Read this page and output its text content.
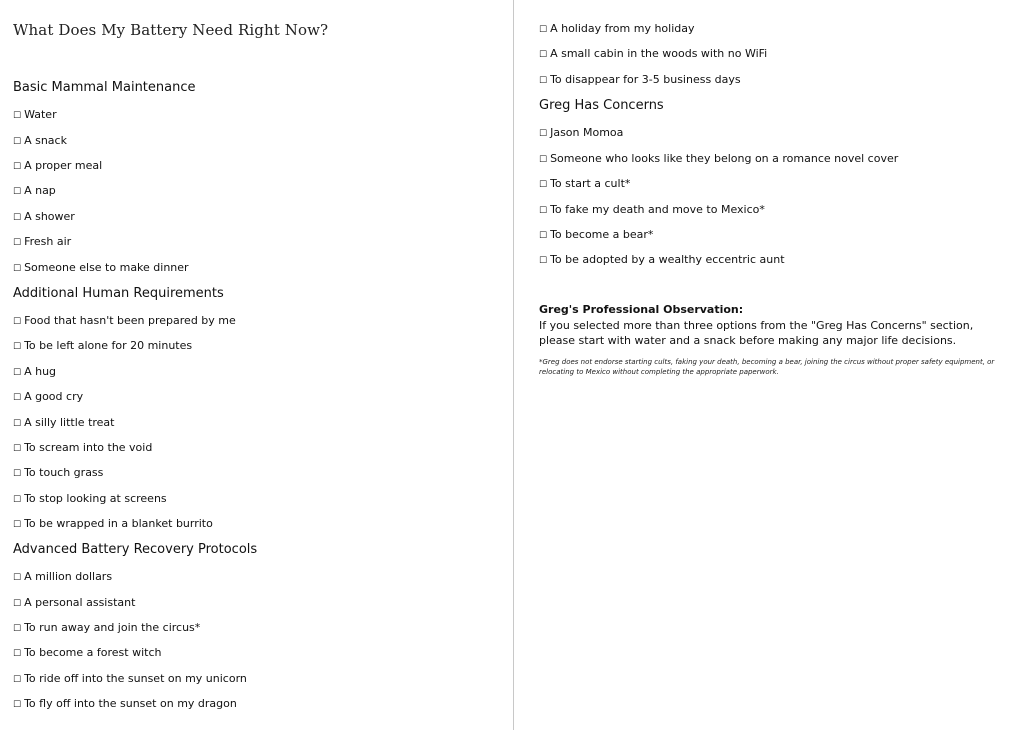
What Does My Battery Need Right Now?
Basic Mammal Maintenance
☐ Water
☐ A snack
☐ A proper meal
☐ A nap
☐ A shower
☐ Fresh air
☐ Someone else to make dinner
Additional Human Requirements
☐ Food that hasn't been prepared by me
☐ To be left alone for 20 minutes
☐ A hug
☐ A good cry
☐ A silly little treat
☐ To scream into the void
☐ To touch grass
☐ To stop looking at screens
☐ To be wrapped in a blanket burrito
Advanced Battery Recovery Protocols
☐ A million dollars
☐ A personal assistant
☐ To run away and join the circus*
☐ To become a forest witch
☐ To ride off into the sunset on my unicorn
☐ To fly off into the sunset on my dragon
☐ A holiday from my holiday
☐ A small cabin in the woods with no WiFi
☐ To disappear for 3-5 business days
Greg Has Concerns
☐ Jason Momoa
☐ Someone who looks like they belong on a romance novel cover
☐ To start a cult*
☐ To fake my death and move to Mexico*
☐ To become a bear*
☐ To be adopted by a wealthy eccentric aunt
Greg's Professional Observation:
If you selected more than three options from the "Greg Has Concerns" section, please start with water and a snack before making any major life decisions.
*Greg does not endorse starting cults, faking your death, becoming a bear, joining the circus without proper safety equipment, or relocating to Mexico without completing the appropriate paperwork.
